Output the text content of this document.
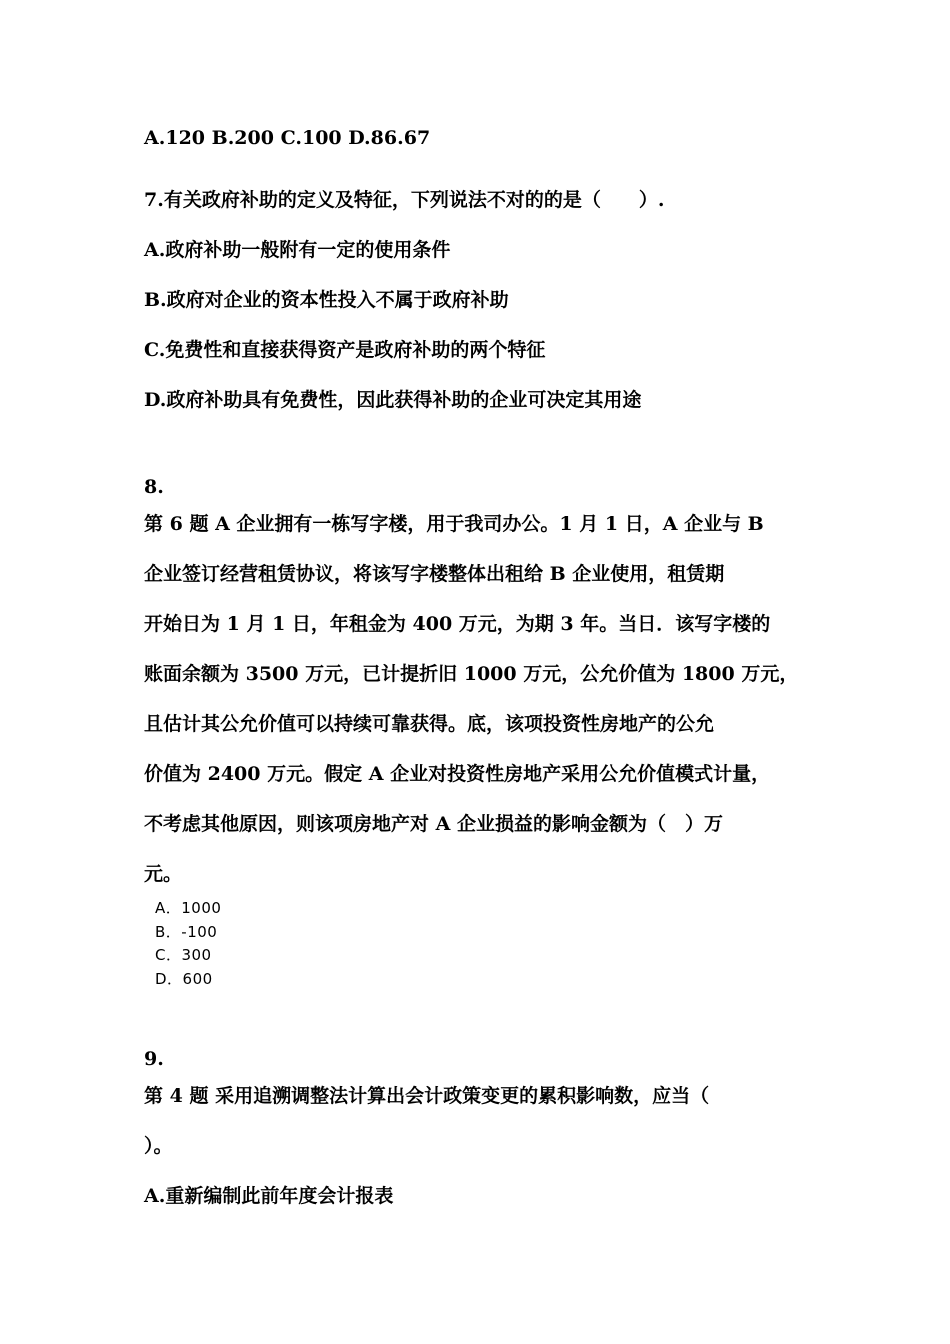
A.120 B.200 C.100 D.86.67
7.有关政府补助的定义及特征，下列说法不对的的是（　　）.
A.政府补助一般附有一定的使用条件
B.政府对企业的资本性投入不属于政府补助
C.免费性和直接获得资产是政府补助的两个特征
D.政府补助具有免费性，因此获得补助的企业可决定其用途
8.
第 6 题 A 企业拥有一栋写字楼，用于我司办公。1 月 1 日，A 企业与 B
企业签订经营租赁协议，将该写字楼整体出租给 B 企业使用，租赁期
开始日为 1 月 1 日，年租金为 400 万元，为期 3 年。当日．该写字楼的
账面余额为 3500 万元，已计提折旧 1000 万元，公允价值为 1800 万元，
且估计其公允价值可以持续可靠获得。底，该项投资性房地产的公允
价值为 2400 万元。假定 A 企业对投资性房地产采用公允价值模式计量，
不考虑其他原因，则该项房地产对 A 企业损益的影响金额为（　）万
元。
A．1000
B．-100
C．300
D．600
9.
第 4 题 采用追溯调整法计算出会计政策变更的累积影响数，应当（
）。
A.重新编制此前年度会计报表
